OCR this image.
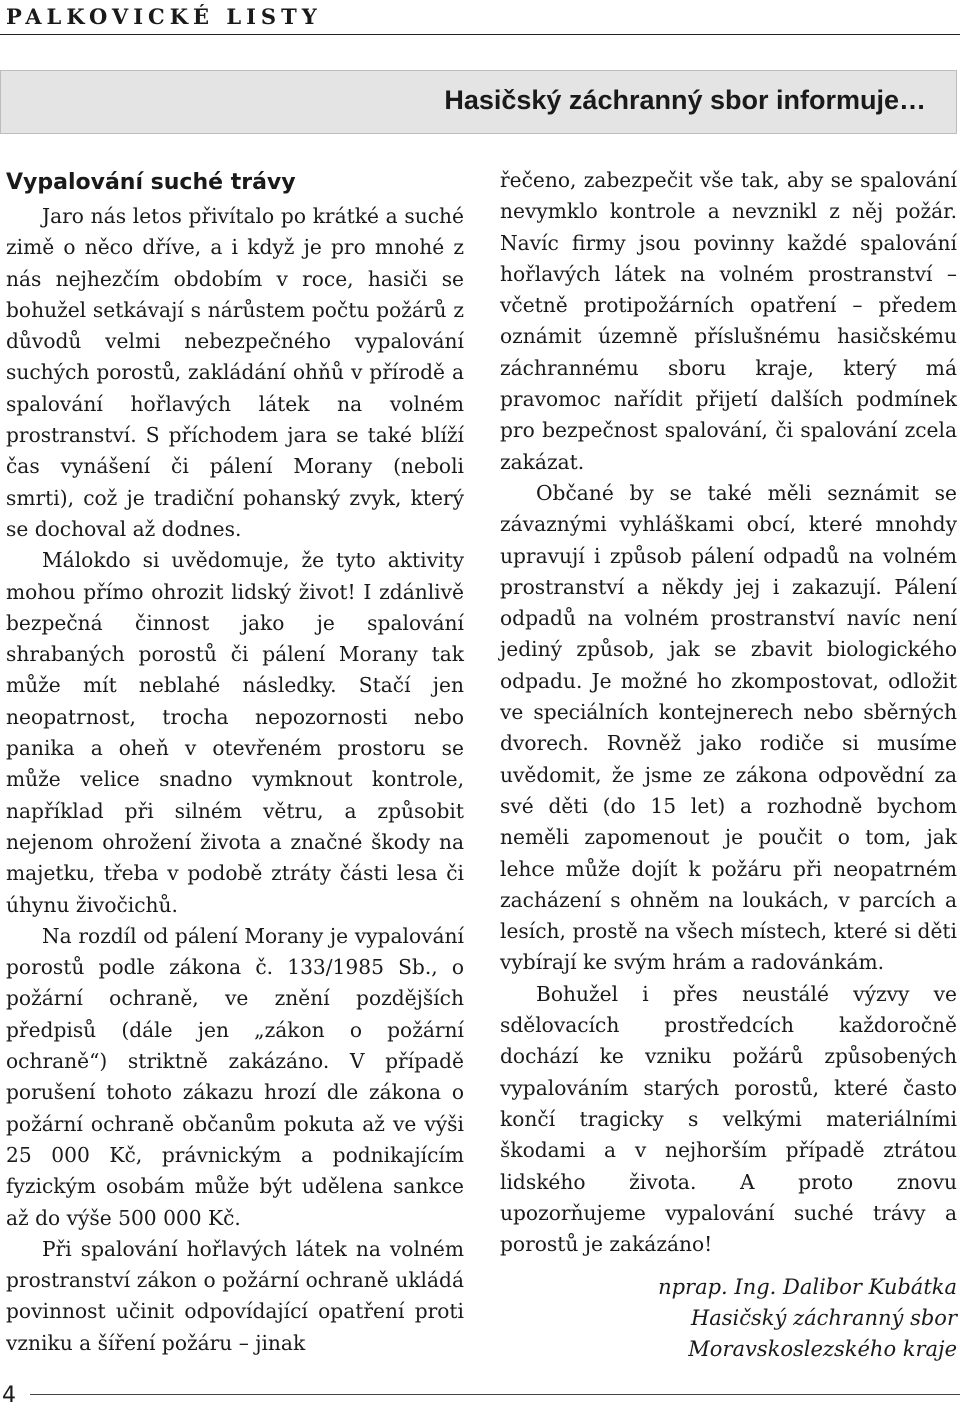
PALKOVICKÉ LISTY
Hasičský záchranný sbor informuje…
Vypalování suché trávy

Jaro nás letos přivítalo po krátké a suché zimě o něco dříve, a i když je pro mnohé z nás nejhezčím obdobím v roce, hasiči se bohužel setkávají s nárůstem počtu požárů z důvodů velmi nebezpečného vypalování suchých porostů, zakládání ohňů v přírodě a spalování hořlavých látek na volném prostranství. S příchodem jara se také blíží čas vynášení či pálení Morany (neboli smrti), což je tradiční pohanský zvyk, který se dochoval až dodnes.

Málokdo si uvědomuje, že tyto aktivity mohou přímo ohrozit lidský život! I zdánlivě bezpečná činnost jako je spalování shrabaných porostů či pálení Morany tak může mít neblahé následky. Stačí jen neopatrnost, trocha nepozornosti nebo panika a oheň v otevřeném prostoru se může velice snadno vymknout kontrole, například při silném větru, a způsobit nejenom ohrožení života a značné škody na majetku, třeba v podobě ztráty části lesa či úhynu živočichů.

Na rozdíl od pálení Morany je vypalování porostů podle zákona č. 133/1985 Sb., o požární ochraně, ve znění pozdějších předpisů (dále jen „zákon o požární ochraně“) striktně zakázáno. V případě porušení tohoto zákazu hrozí dle zákona o požární ochraně občanům pokuta až ve výši 25 000 Kč, právnickým a podnikajícím fyzickým osobám může být udělena sankce až do výše 500 000 Kč.

Při spalování hořlavých látek na volném prostranství zákon o požární ochraně ukládá povinnost učinit odpovídající opatření proti vzniku a šíření požáru – jinak

řečeno, zabezpečit vše tak, aby se spalování nevymklo kontrole a nevznikl z něj požár. Navíc firmy jsou povinny každé spalování hořlavých látek na volném prostranství – včetně protipožárních opatření – předem oznámit územně příslušnému hasičskému záchrannému sboru kraje, který má pravomoc nařídit přijetí dalších podmínek pro bezpečnost spalování, či spalování zcela zakázat.

Občané by se také měli seznámit se závaznými vyhláškami obcí, které mnohdy upravují i způsob pálení odpadů na volném prostranství a někdy jej i zakazují. Pálení odpadů na volném prostranství navíc není jediný způsob, jak se zbavit biologického odpadu. Je možné ho zkompostovat, odložit ve speciálních kontejnerech nebo sběrných dvorech. Rovněž jako rodiče si musíme uvědomit, že jsme ze zákona odpovědní za své děti (do 15 let) a rozhodně bychom neměli zapomenout je poučit o tom, jak lehce může dojít k požáru při neopatrném zacházení s ohněm na loukách, v parcích a lesích, prostě na všech místech, které si děti vybírají ke svým hrám a radovánkám.

Bohužel i přes neustálé výzvy ve sdělovacích prostředcích každoročně dochází ke vzniku požárů způsobených vypalováním starých porostů, které často končí tragicky s velkými materiálními škodami a v nejhorším případě ztrátou lidského života. A proto znovu upozorňujeme vypalování suché trávy a porostů je zakázáno!

nprap. Ing. Dalibor Kubátka
Hasičský záchranný sbor
Moravskoslezského kraje
4
